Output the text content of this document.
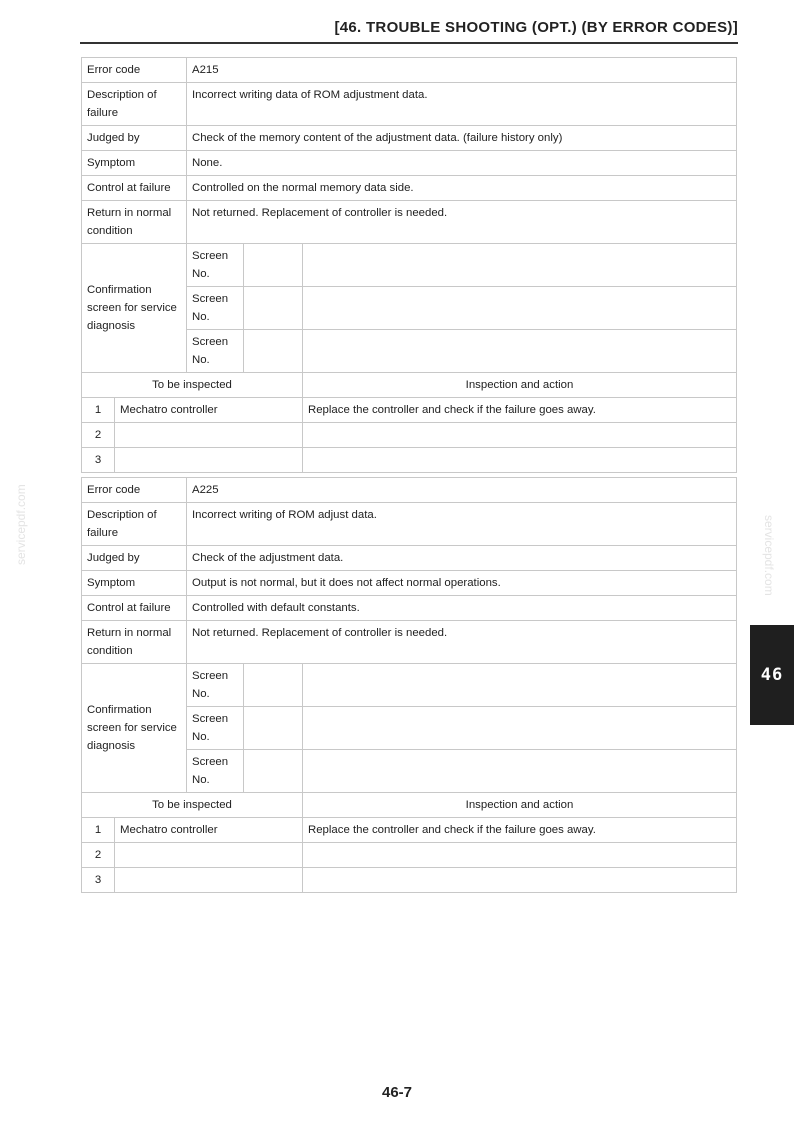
[46. TROUBLE SHOOTING (OPT.) (BY ERROR CODES)]
Error code		A215		
Description of failure		Incorrect writing data of ROM adjustment data.		
Judged by		Check of the memory content of the adjustment data. (failure history only)		
Symptom		None.		
Control at failure		Controlled on the normal memory data side.		
Return in normal condition		Not returned. Replacement of controller is needed.		
Confirmation screen for service diagnosis		Screen No.		
		Screen No.		
		Screen No.		
To be inspected				Inspection and action
1	Mechatro controller			Replace the controller and check if the failure goes away.
2				
3				
Error code		A225		
Description of failure		Incorrect writing of ROM adjust data.		
Judged by		Check of the adjustment data.		
Symptom		Output is not normal, but it does not affect normal operations.		
Control at failure		Controlled with default constants.		
Return in normal condition		Not returned. Replacement of controller is needed.		
Confirmation screen for service diagnosis		Screen No.		
		Screen No.		
		Screen No.		
To be inspected				Inspection and action
1	Mechatro controller			Replace the controller and check if the failure goes away.
2				
3				
46
servicepdf.com	servicepdf.com
46-7
